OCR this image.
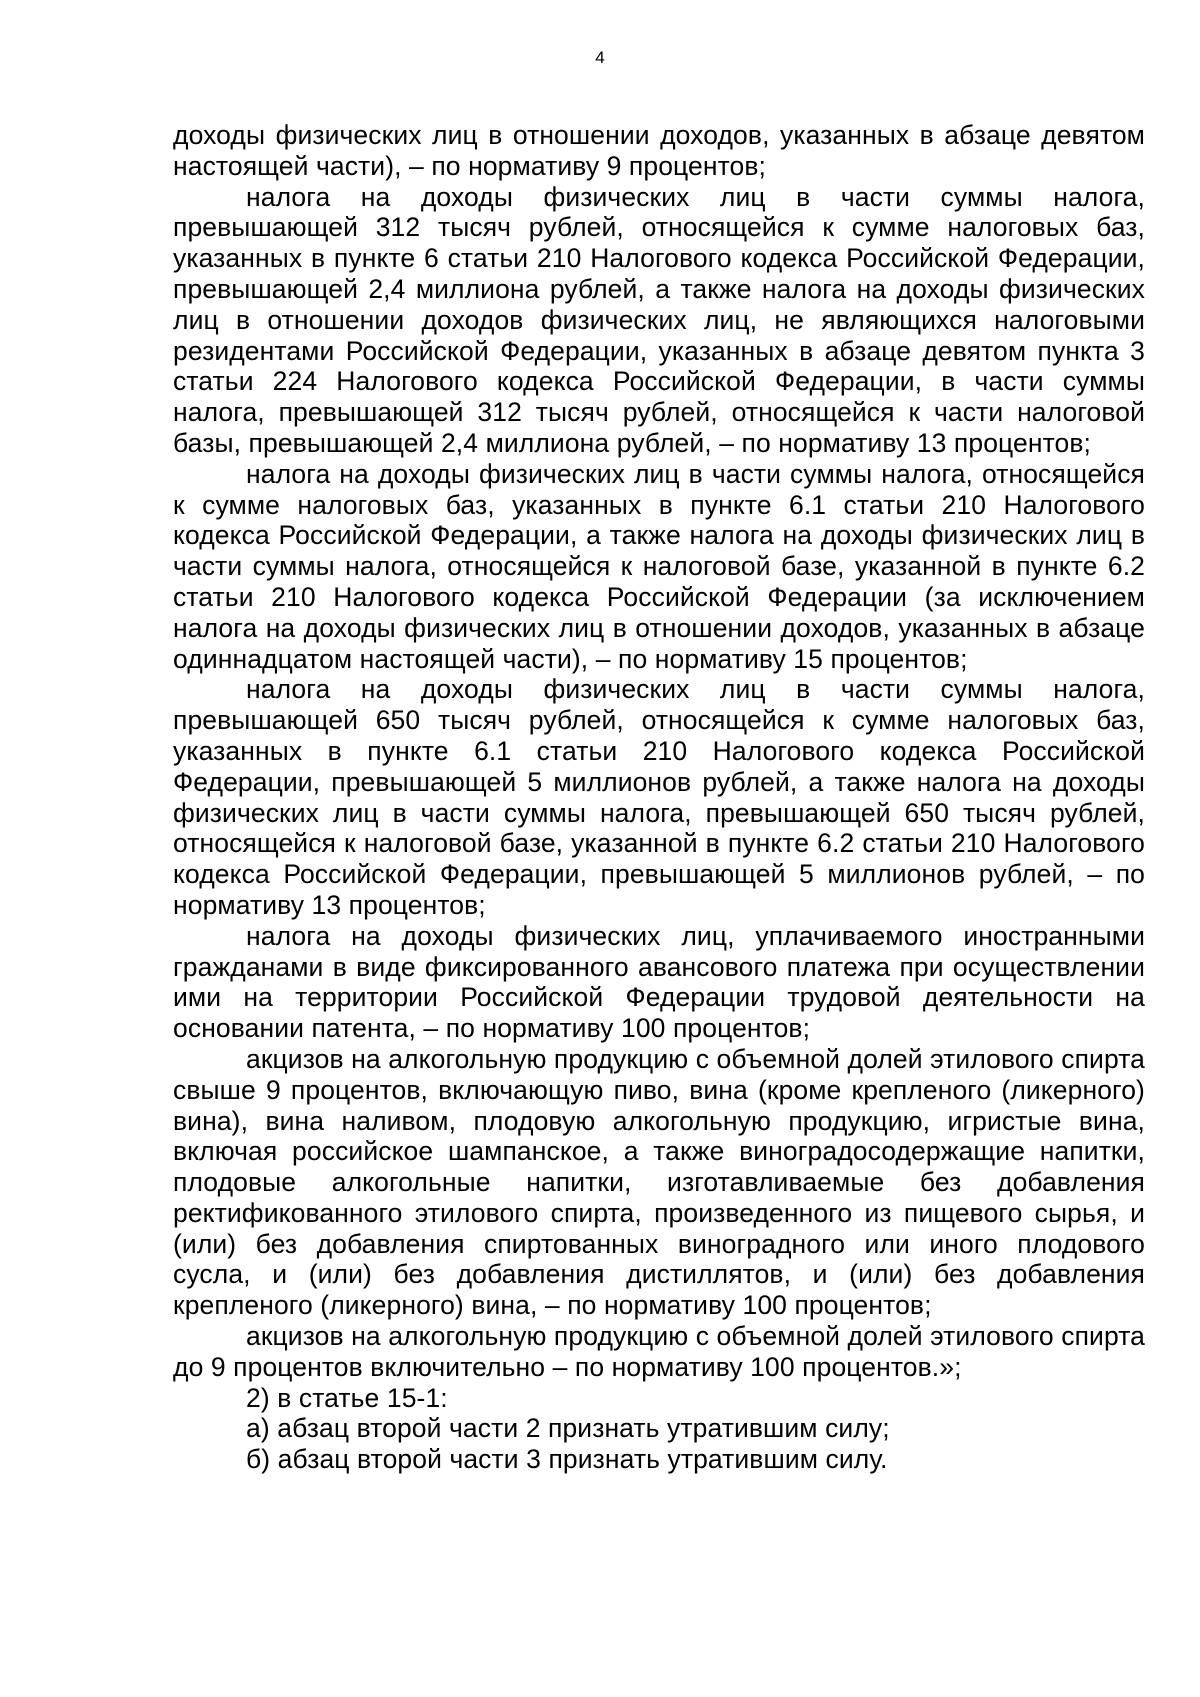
4

доходы физических лиц в отношении доходов, указанных в абзаце девятом настоящей части), – по нормативу 9 процентов;

налога на доходы физических лиц в части суммы налога, превышающей 312 тысяч рублей, относящейся к сумме налоговых баз, указанных в пункте 6 статьи 210 Налогового кодекса Российской Федерации, превышающей 2,4 миллиона рублей, а также налога на доходы физических лиц в отношении доходов физических лиц, не являющихся налоговыми резидентами Российской Федерации, указанных в абзаце девятом пункта 3 статьи 224 Налогового кодекса Российской Федерации, в части суммы налога, превышающей 312 тысяч рублей, относящейся к части налоговой базы, превышающей 2,4 миллиона рублей, – по нормативу 13 процентов;

налога на доходы физических лиц в части суммы налога, относящейся к сумме налоговых баз, указанных в пункте 6.1 статьи 210 Налогового кодекса Российской Федерации, а также налога на доходы физических лиц в части суммы налога, относящейся к налоговой базе, указанной в пункте 6.2 статьи 210 Налогового кодекса Российской Федерации (за исключением налога на доходы физических лиц в отношении доходов, указанных в абзаце одиннадцатом настоящей части), – по нормативу 15 процентов;

налога на доходы физических лиц в части суммы налога, превышающей 650 тысяч рублей, относящейся к сумме налоговых баз, указанных в пункте 6.1 статьи 210 Налогового кодекса Российской Федерации, превышающей 5 миллионов рублей, а также налога на доходы физических лиц в части суммы налога, превышающей 650 тысяч рублей, относящейся к налоговой базе, указанной в пункте 6.2 статьи 210 Налогового кодекса Российской Федерации, превышающей 5 миллионов рублей, – по нормативу 13 процентов;

налога на доходы физических лиц, уплачиваемого иностранными гражданами в виде фиксированного авансового платежа при осуществлении ими на территории Российской Федерации трудовой деятельности на основании патента, – по нормативу 100 процентов;

акцизов на алкогольную продукцию с объемной долей этилового спирта свыше 9 процентов, включающую пиво, вина (кроме крепленого (ликерного) вина), вина наливом, плодовую алкогольную продукцию, игристые вина, включая российское шампанское, а также виноградосодержащие напитки, плодовые алкогольные напитки, изготавливаемые без добавления ректификованного этилового спирта, произведенного из пищевого сырья, и (или) без добавления спиртованных виноградного или иного плодового сусла, и (или) без добавления дистиллятов, и (или) без добавления крепленого (ликерного) вина, – по нормативу 100 процентов;

акцизов на алкогольную продукцию с объемной долей этилового спирта до 9 процентов включительно – по нормативу 100 процентов.»;

2) в статье 15-1:

а) абзац второй части 2 признать утратившим силу;

б) абзац второй части 3 признать утратившим силу.
